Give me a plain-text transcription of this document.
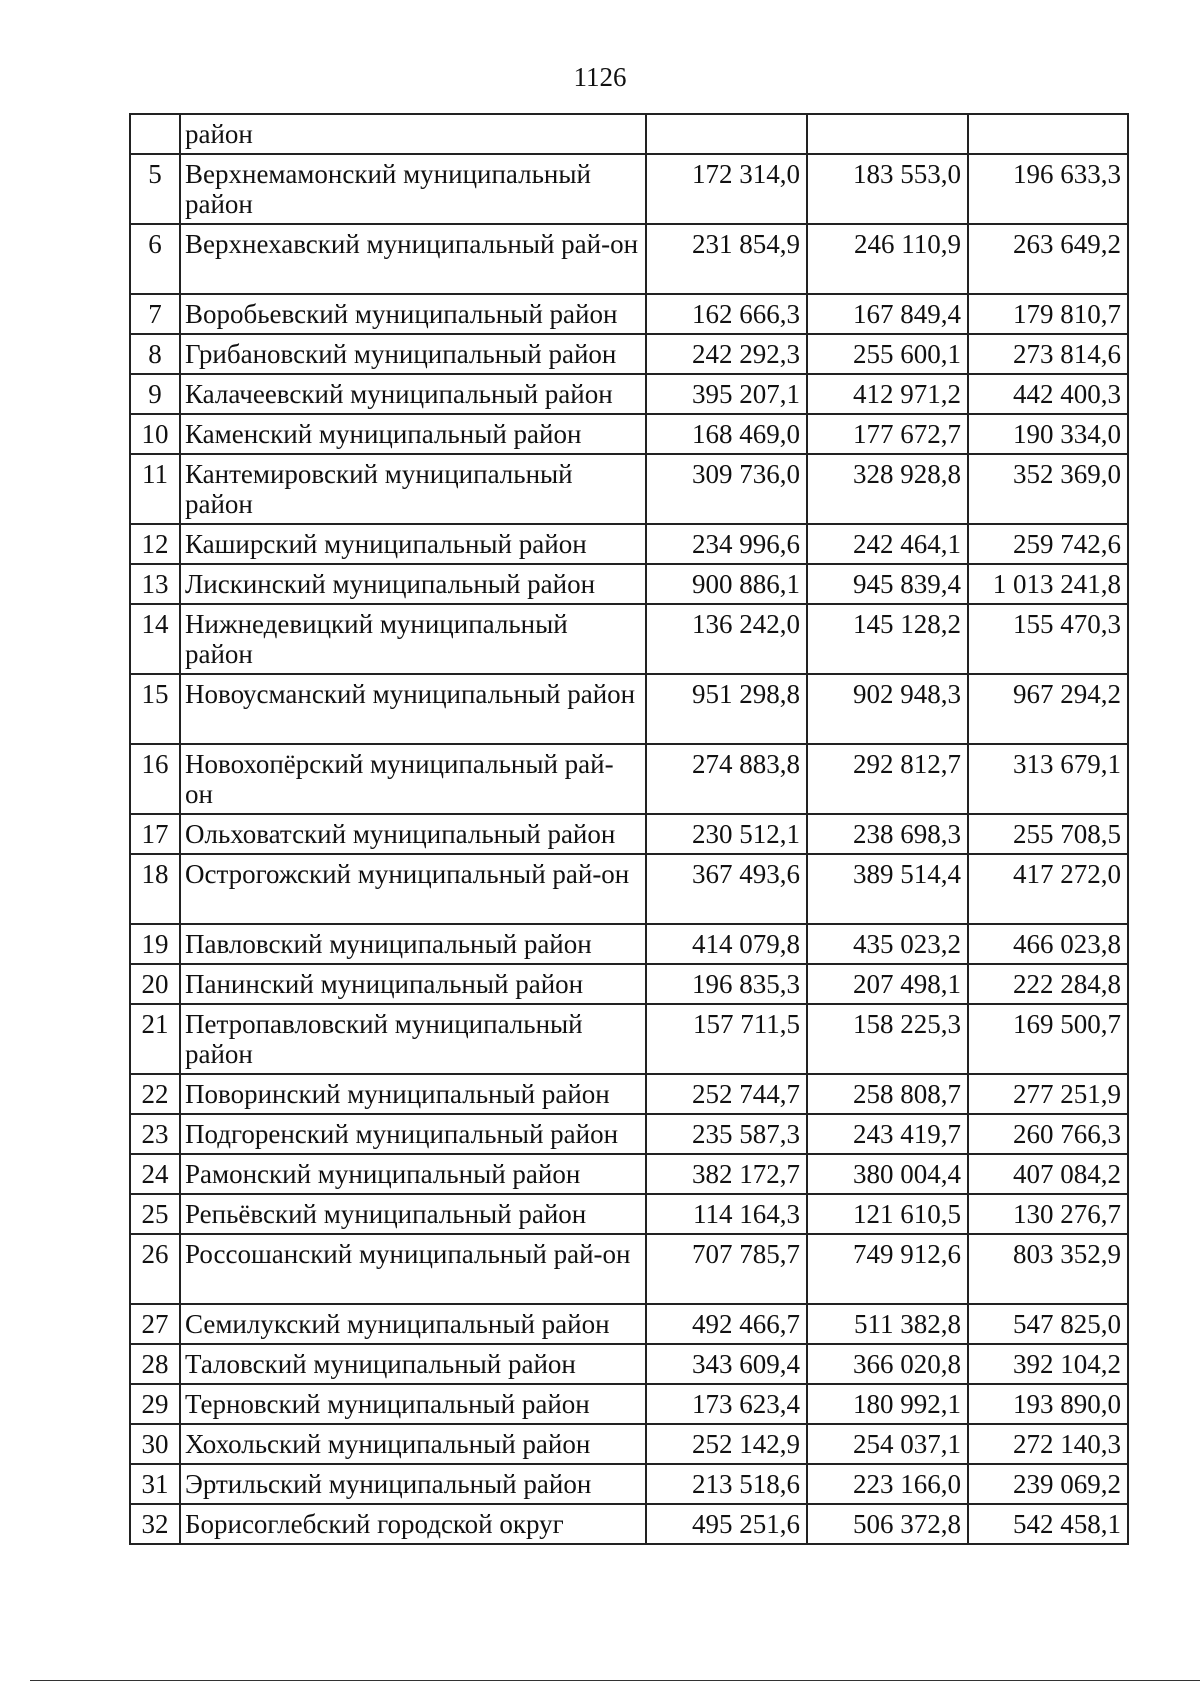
1126
	район			
5	Верхнемамонский муниципальный район	172 314,0	183 553,0	196 633,3
6	Верхнехавский муниципальный рай-он	231 854,9	246 110,9	263 649,2
7	Воробьевский муниципальный район	162 666,3	167 849,4	179 810,7
8	Грибановский муниципальный район	242 292,3	255 600,1	273 814,6
9	Калачеевский муниципальный район	395 207,1	412 971,2	442 400,3
10	Каменский муниципальный район	168 469,0	177 672,7	190 334,0
11	Кантемировский муниципальный район	309 736,0	328 928,8	352 369,0
12	Каширский муниципальный район	234 996,6	242 464,1	259 742,6
13	Лискинский муниципальный район	900 886,1	945 839,4	1 013 241,8
14	Нижнедевицкий муниципальный район	136 242,0	145 128,2	155 470,3
15	Новоусманский муниципальный район	951 298,8	902 948,3	967 294,2
16	Новохопёрский муниципальный рай-он	274 883,8	292 812,7	313 679,1
17	Ольховатский муниципальный район	230 512,1	238 698,3	255 708,5
18	Острогожский муниципальный рай-он	367 493,6	389 514,4	417 272,0
19	Павловский муниципальный район	414 079,8	435 023,2	466 023,8
20	Панинский муниципальный район	196 835,3	207 498,1	222 284,8
21	Петропавловский муниципальный район	157 711,5	158 225,3	169 500,7
22	Поворинский муниципальный район	252 744,7	258 808,7	277 251,9
23	Подгоренский муниципальный район	235 587,3	243 419,7	260 766,3
24	Рамонский муниципальный район	382 172,7	380 004,4	407 084,2
25	Репьёвский муниципальный район	114 164,3	121 610,5	130 276,7
26	Россошанский муниципальный рай-он	707 785,7	749 912,6	803 352,9
27	Семилукский муниципальный район	492 466,7	511 382,8	547 825,0
28	Таловский муниципальный район	343 609,4	366 020,8	392 104,2
29	Терновский муниципальный район	173 623,4	180 992,1	193 890,0
30	Хохольский муниципальный район	252 142,9	254 037,1	272 140,3
31	Эртильский муниципальный район	213 518,6	223 166,0	239 069,2
32	Борисоглебский городской округ	495 251,6	506 372,8	542 458,1
